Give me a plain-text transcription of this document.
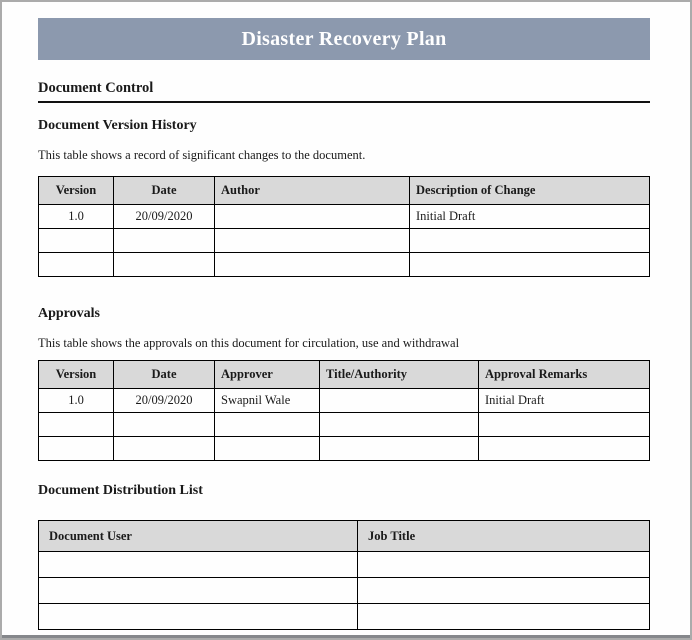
Disaster Recovery Plan
Document Control
Document Version History

This table shows a record of significant changes to the document.

Version	Date	Author	Description of Change
1.0	20/09/2020		Initial Draft

Approvals

This table shows the approvals on this document for circulation, use and withdrawal

Version	Date	Approver	Title/Authority	Approval Remarks
1.0	20/09/2020	Swapnil Wale		Initial Draft

Document Distribution List
Document User	Job Title
